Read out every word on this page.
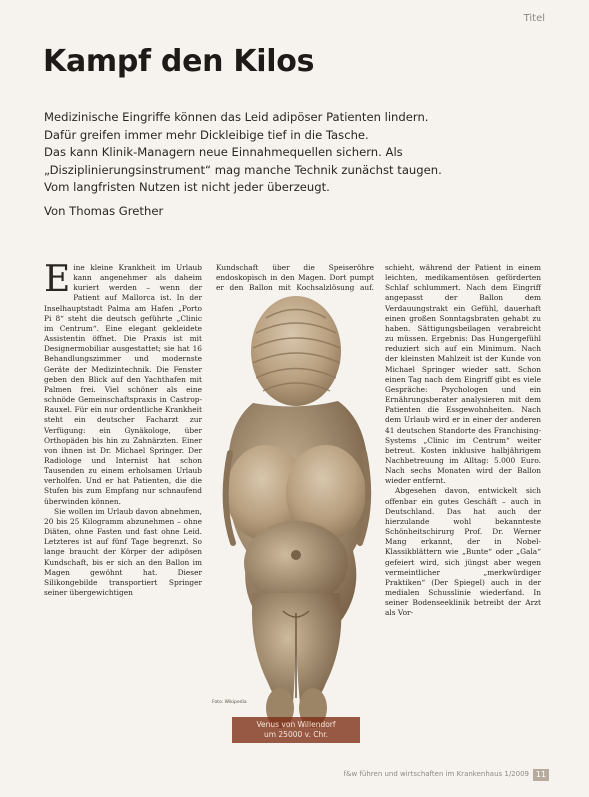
Titel
Kampf den Kilos
Medizinische Eingriffe können das Leid adipöser Patienten lindern.
Dafür greifen immer mehr Dickleibige tief in die Tasche.
Das kann Klinik-Managern neue Einnahmequellen sichern. Als
„Disziplinierungsinstrument“ mag manche Technik zunächst taugen.
Vom langfristen Nutzen ist nicht jeder überzeugt.
Von Thomas Grether

Eine kleine Krankheit im Urlaub kann angenehmer als daheim kuriert werden – wenn der Patient auf Mallorca ist. In der Inselhauptstadt Palma am Hafen „Porto Pi 8“ steht die deutsch geführte „Clinic im Centrum“. Eine elegant gekleidete Assistentin öffnet. Die Praxis ist mit Designermobiliar ausgestattet; sie hat 16 Behandlungszimmer und modernste Geräte der Medizintechnik. Die Fenster geben den Blick auf den Yachthafen mit Palmen frei. Viel schöner als eine schnöde Gemeinschaftspraxis in Castrop-Rauxel. Für ein nur ordentliche Krankheit steht ein deutscher Facharzt zur Verfügung: ein Gynäkologe, über Orthopäden bis hin zu Zahnärzten. Einer von ihnen ist Dr. Michael Springer. Der Radiologe und Internist hat schon Tausenden zu einem erholsamen Urlaub verholfen. Und er hat Patienten, die die Stufen bis zum Empfang nur schnaufend überwinden können.

Sie wollen im Urlaub davon abnehmen, 20 bis 25 Kilogramm abzunehmen – ohne Diäten, ohne Fasten und fast ohne Leid. Letzteres ist auf fünf Tage begrenzt. So lange braucht der Körper der adipösen Kundschaft, bis er sich an den Ballon im Magen gewöhnt hat. Dieser Silikongebilde transportiert Springer seiner übergewichtigen

Kundschaft über die Speiseröhre endoskopisch in den Magen. Dort pumpt er den Ballon mit Kochsalzlösung auf.

Foto: Wikipedia
Venus von Willendorf
um 25000 v. Chr.

schieht, während der Patient in einem leichten, medikamentösen geförderten Schlaf schlummert. Nach dem Eingriff angepasst der Ballon dem Verdauungstrakt ein Gefühl, dauerhaft einen großen Sonntagsbraten gehabt zu haben. Sättigungsbeilagen verabreicht zu müssen. Ergebnis: Das Hungergefühl reduziert sich auf ein Minimum. Nach der kleinsten Mahlzeit ist der Kunde von Michael Springer wieder satt. Schon einen Tag nach dem Eingriff gibt es viele Gespräche: Psychologen und ein Ernährungsberater analysieren mit dem Patienten die Essgewohnheiten. Nach dem Urlaub wird er in einer der anderen 41 deutschen Standorte des Franchising-Systems „Clinic im Centrum“ weiter betreut. Kosten inklusive halbjährigem Nachbetreuung im Alltag: 5.000 Euro. Nach sechs Monaten wird der Ballon wieder entfernt.

Abgesehen davon, entwickelt sich offenbar ein gutes Geschäft – auch in Deutschland. Das hat auch der hierzulande wohl bekannteste Schönheitschirurg Prof. Dr. Werner Mang erkannt, der in Nobel-Klassikblättern wie „Bunte“ oder „Gala“ gefeiert wird, sich jüngst aber wegen vermeintlicher „merkwürdiger Praktiken“ (Der Spiegel) auch in der medialen Schusslinie wiederfand. In seiner Bodenseeklinik betreibt der Arzt als Vor-

f&w führen und wirtschaften im Krankenhaus 1/2009 11
